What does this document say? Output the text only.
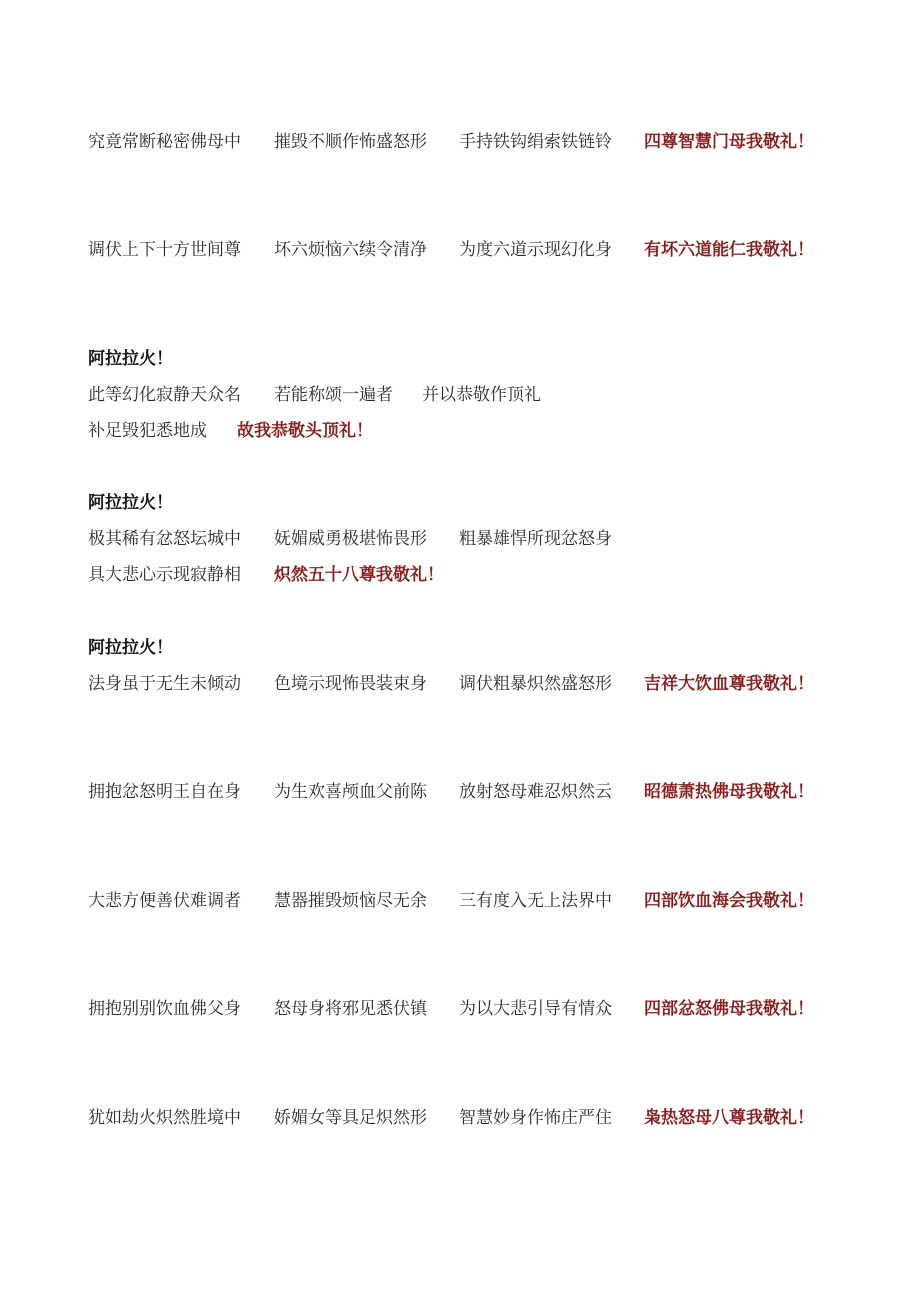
究竟常断秘密佛母中 摧毁不顺作怖盛怒形 手持铁钩绢索铁链铃 四尊智慧门母我敬礼！
调伏上下十方世间尊 坏六烦恼六续令清净 为度六道示现幻化身 有坏六道能仁我敬礼！
阿拉拉火！
此等幻化寂静天众名 若能称颂一遍者 并以恭敬作顶礼
补足毁犯悉地成 故我恭敬头顶礼！
阿拉拉火！
极其稀有忿怒坛城中 妩媚威勇极堪怖畏形 粗暴雄悍所现忿怒身
具大悲心示现寂静相 炽然五十八尊我敬礼！
阿拉拉火！
法身虽于无生未倾动 色境示现怖畏装束身 调伏粗暴炽然盛怒形 吉祥大饮血尊我敬礼！
拥抱忿怒明王自在身 为生欢喜颅血父前陈 放射怒母难忍炽然云 昭德萧热佛母我敬礼！
大悲方便善伏难调者 慧器摧毁烦恼尽无余 三有度入无上法界中 四部饮血海会我敬礼！
拥抱别别饮血佛父身 怒母身将邪见悉伏镇 为以大悲引导有情众 四部忿怒佛母我敬礼！
犹如劫火炽然胜境中 娇媚女等具足炽然形 智慧妙身作怖庄严住 枭热怒母八尊我敬礼！
